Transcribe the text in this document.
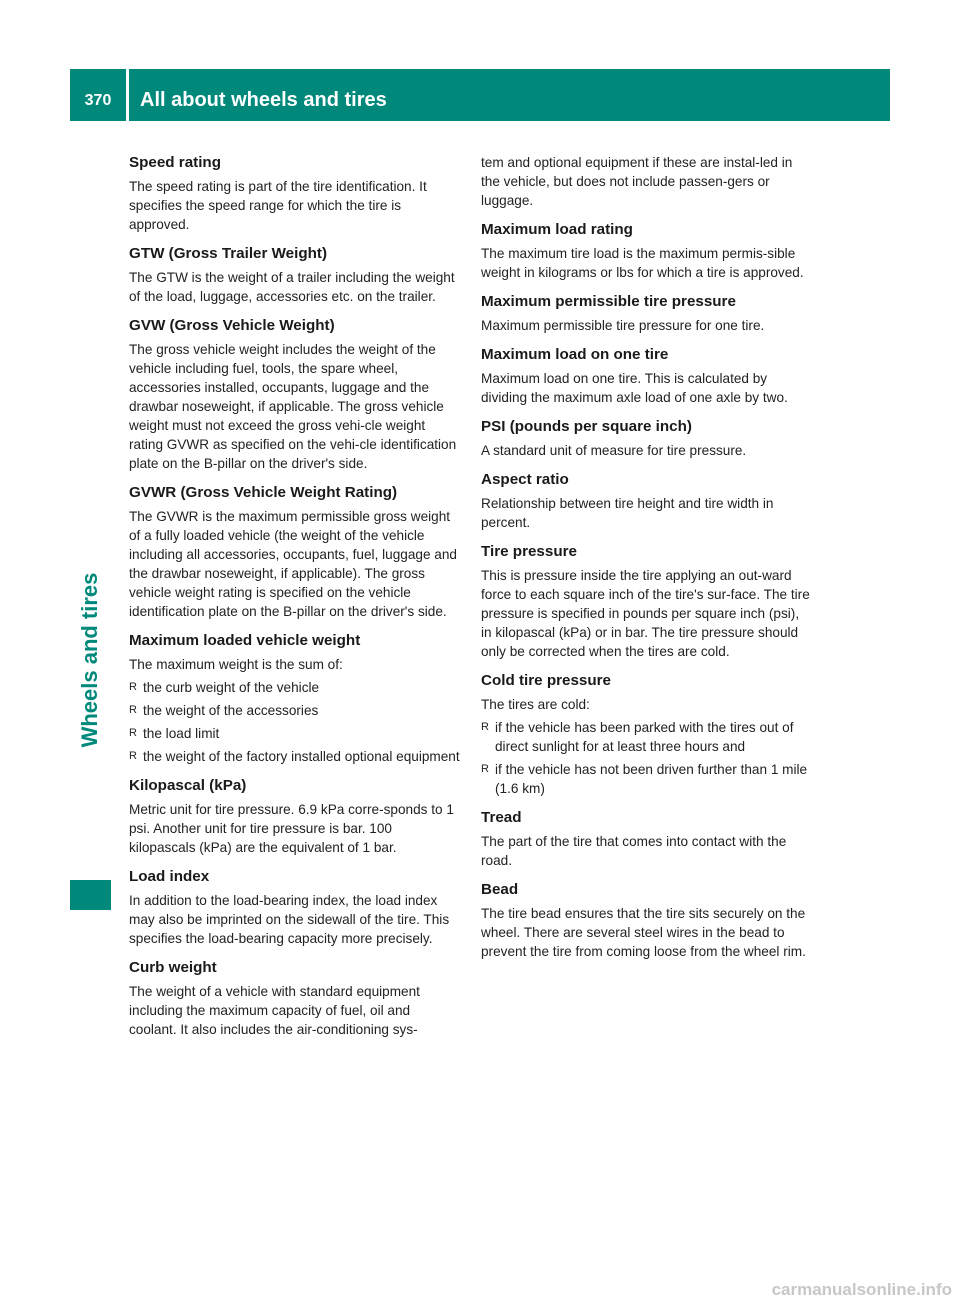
370	All about wheels and tires
Wheels and tires
Speed rating

The speed rating is part of the tire identification. It specifies the speed range for which the tire is approved.

GTW (Gross Trailer Weight)

The GTW is the weight of a trailer including the weight of the load, luggage, accessories etc. on the trailer.

GVW (Gross Vehicle Weight)

The gross vehicle weight includes the weight of the vehicle including fuel, tools, the spare wheel, accessories installed, occupants, luggage and the drawbar noseweight, if applicable. The gross vehicle weight must not exceed the gross vehi-cle weight rating GVWR as specified on the vehi-cle identification plate on the B-pillar on the driver's side.

GVWR (Gross Vehicle Weight Rating)

The GVWR is the maximum permissible gross weight of a fully loaded vehicle (the weight of the vehicle including all accessories, occupants, fuel, luggage and the drawbar noseweight, if applicable). The gross vehicle weight rating is specified on the vehicle identification plate on the B-pillar on the driver's side.

Maximum loaded vehicle weight

The maximum weight is the sum of:

R the curb weight of the vehicle
R the weight of the accessories
R the load limit
R the weight of the factory installed optional equipment
Kilopascal (kPa)

Metric unit for tire pressure. 6.9 kPa corre-sponds to 1 psi. Another unit for tire pressure is bar. 100 kilopascals (kPa) are the equivalent of 1 bar.

Load index

In addition to the load-bearing index, the load index may also be imprinted on the sidewall of the tire. This specifies the load-bearing capacity more precisely.

Curb weight

The weight of a vehicle with standard equipment including the maximum capacity of fuel, oil and coolant. It also includes the air-conditioning sys-

tem and optional equipment if these are instal-led in the vehicle, but does not include passen-gers or luggage.

Maximum load rating

The maximum tire load is the maximum permis-sible weight in kilograms or lbs for which a tire is approved.

Maximum permissible tire pressure

Maximum permissible tire pressure for one tire.

Maximum load on one tire

Maximum load on one tire. This is calculated by dividing the maximum axle load of one axle by two.

PSI (pounds per square inch)

A standard unit of measure for tire pressure.

Aspect ratio

Relationship between tire height and tire width in percent.

Tire pressure

This is pressure inside the tire applying an out-ward force to each square inch of the tire's sur-face. The tire pressure is specified in pounds per square inch (psi), in kilopascal (kPa) or in bar. The tire pressure should only be corrected when the tires are cold.

Cold tire pressure

The tires are cold:

R if the vehicle has been parked with the tires out of direct sunlight for at least three hours and
R if the vehicle has not been driven further than 1 mile (1.6 km)
Tread

The part of the tire that comes into contact with the road.

Bead

The tire bead ensures that the tire sits securely on the wheel. There are several steel wires in the bead to prevent the tire from coming loose from the wheel rim.

carmanualsonline.info
